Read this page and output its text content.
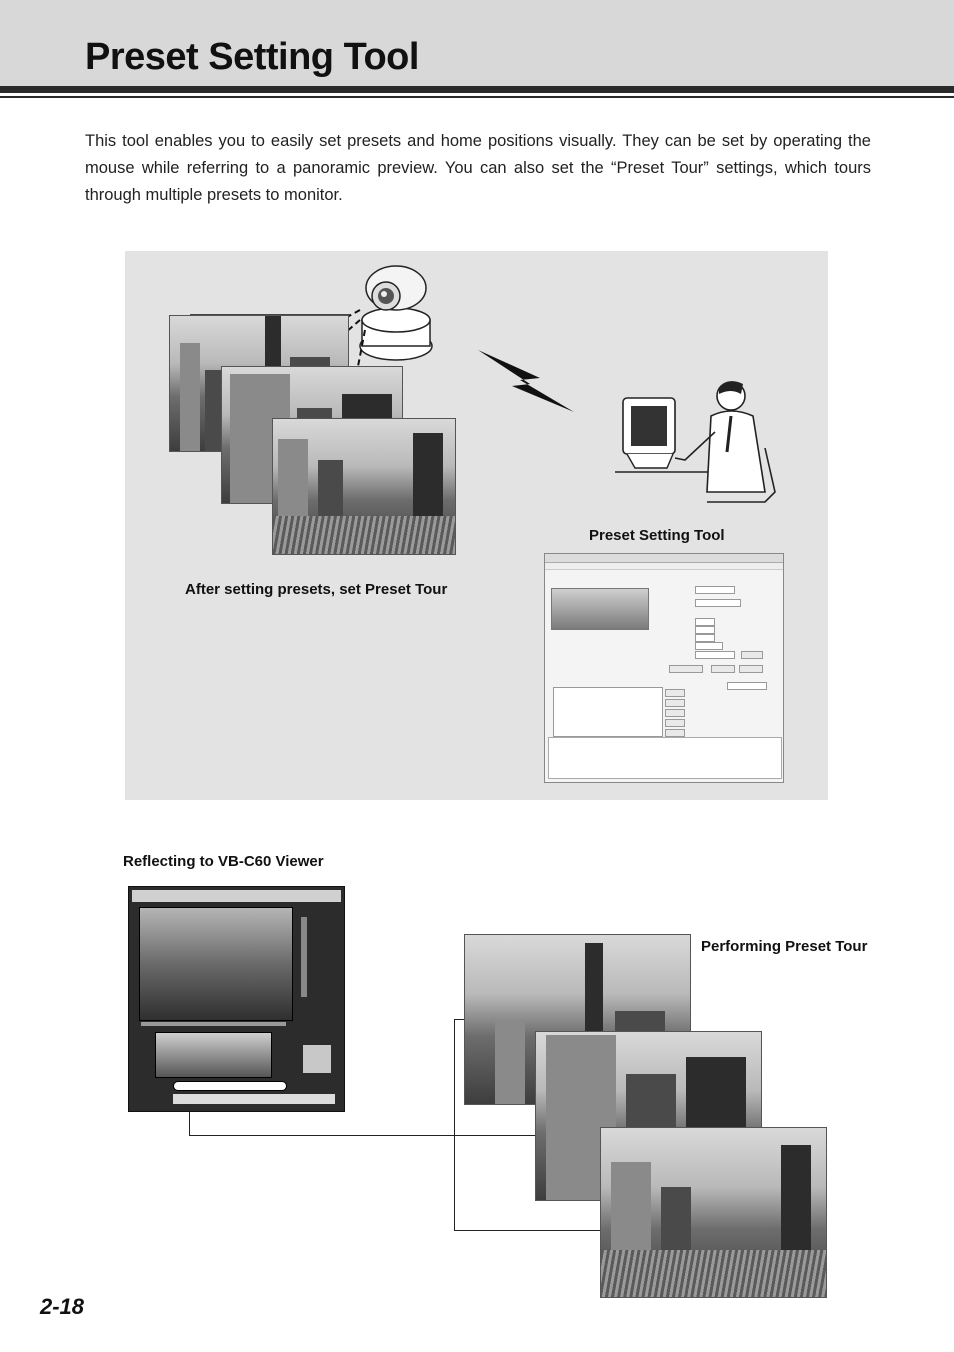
Preset Setting Tool
This tool enables you to easily set presets and home positions visually. They can be set by operating the mouse while referring to a panoramic preview. You can also set the “Preset Tour” settings, which tours through multiple presets to monitor.
Preset Setting Tool
After setting presets, set Preset Tour
Reflecting to VB-C60 Viewer
Performing Preset Tour
2-18
